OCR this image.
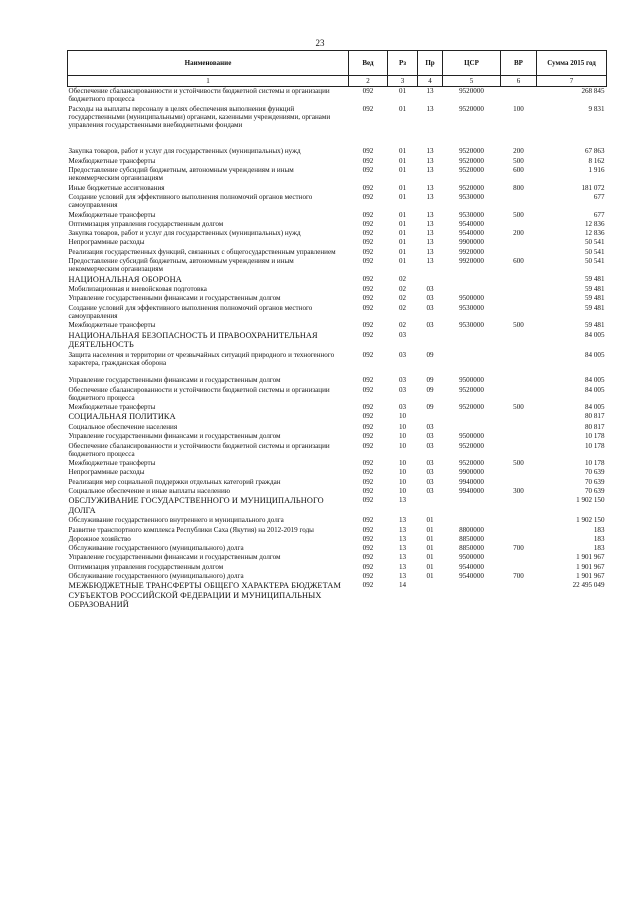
23
Наименование	Вед	Рз	Пр	ЦСР	ВР	Сумма 2015 год
1	2	3	4	5	6	7
Обеспечение сбалансированности и устойчивости бюджетной системы и организации бюджетного процесса	092	01	13	9520000		268 845
Расходы на выплаты персоналу в целях обеспечения выполнения функций государственными (муниципальными) органами, казенными учреждениями, органами управления государственными внебюджетными фондами	092	01	13	9520000	100	9 831
Закупка товаров, работ и услуг для государственных (муниципальных) нужд	092	01	13	9520000	200	67 863
Межбюджетные трансферты	092	01	13	9520000	500	8 162
Предоставление субсидий бюджетным, автономным учреждениям и иным некоммерческим организациям	092	01	13	9520000	600	1 916
Иные бюджетные ассигнования	092	01	13	9520000	800	181 072
Создание условий для эффективного выполнения полномочий органов местного самоуправления	092	01	13	9530000		677
Межбюджетные трансферты	092	01	13	9530000	500	677
Оптимизация управления государственным долгом	092	01	13	9540000		12 836
Закупка товаров, работ и услуг для государственных (муниципальных) нужд	092	01	13	9540000	200	12 836
Непрограммные расходы	092	01	13	9900000		50 541
Реализация государственных функций, связанных с общегосударственным управлением	092	01	13	9920000		50 541
Предоставление субсидий бюджетным, автономным учреждениям и иным некоммерческим организациям	092	01	13	9920000	600	50 541
НАЦИОНАЛЬНАЯ ОБОРОНА	092	02				59 481
Мобилизационная и вневойсковая подготовка	092	02	03			59 481
Управление государственными финансами и государственным долгом	092	02	03	9500000		59 481
Создание условий для эффективного выполнения полномочий органов местного самоуправления	092	02	03	9530000		59 481
Межбюджетные трансферты	092	02	03	9530000	500	59 481
НАЦИОНАЛЬНАЯ БЕЗОПАСНОСТЬ И ПРАВООХРАНИТЕЛЬНАЯ ДЕЯТЕЛЬНОСТЬ	092	03				84 005
Защита населения и территории от чрезвычайных ситуаций природного и техногенного характера, гражданская оборона	092	03	09			84 005
Управление государственными финансами и государственным долгом	092	03	09	9500000		84 005
Обеспечение сбалансированности и устойчивости бюджетной системы и организации бюджетного процесса	092	03	09	9520000		84 005
Межбюджетные трансферты	092	03	09	9520000	500	84 005
СОЦИАЛЬНАЯ ПОЛИТИКА	092	10				80 817
Социальное обеспечение населения	092	10	03			80 817
Управление государственными финансами и государственным долгом	092	10	03	9500000		10 178
Обеспечение сбалансированности и устойчивости бюджетной системы и организации бюджетного процесса	092	10	03	9520000		10 178
Межбюджетные трансферты	092	10	03	9520000	500	10 178
Непрограммные расходы	092	10	03	9900000		70 639
Реализация мер социальной поддержки отдельных категорий граждан	092	10	03	9940000		70 639
Социальное обеспечение и иные выплаты населению	092	10	03	9940000	300	70 639
ОБСЛУЖИВАНИЕ ГОСУДАРСТВЕННОГО И МУНИЦИПАЛЬНОГО ДОЛГА	092	13				1 902 150
Обслуживание государственного внутреннего и муниципального долга	092	13	01			1 902 150
Развитие транспортного комплекса Республики Саха (Якутия) на 2012-2019 годы	092	13	01	8800000		183
Дорожное хозяйство	092	13	01	8850000		183
Обслуживание государственного (муниципального) долга	092	13	01	8850000	700	183
Управление государственными финансами и государственным долгом	092	13	01	9500000		1 901 967
Оптимизация управления государственным долгом	092	13	01	9540000		1 901 967
Обслуживание государственного (муниципального) долга	092	13	01	9540000	700	1 901 967
МЕЖБЮДЖЕТНЫЕ ТРАНСФЕРТЫ ОБЩЕГО ХАРАКТЕРА БЮДЖЕТАМ СУБЪЕКТОВ РОССИЙСКОЙ ФЕДЕРАЦИИ И МУНИЦИПАЛЬНЫХ ОБРАЗОВАНИЙ	092	14				22 495 049
